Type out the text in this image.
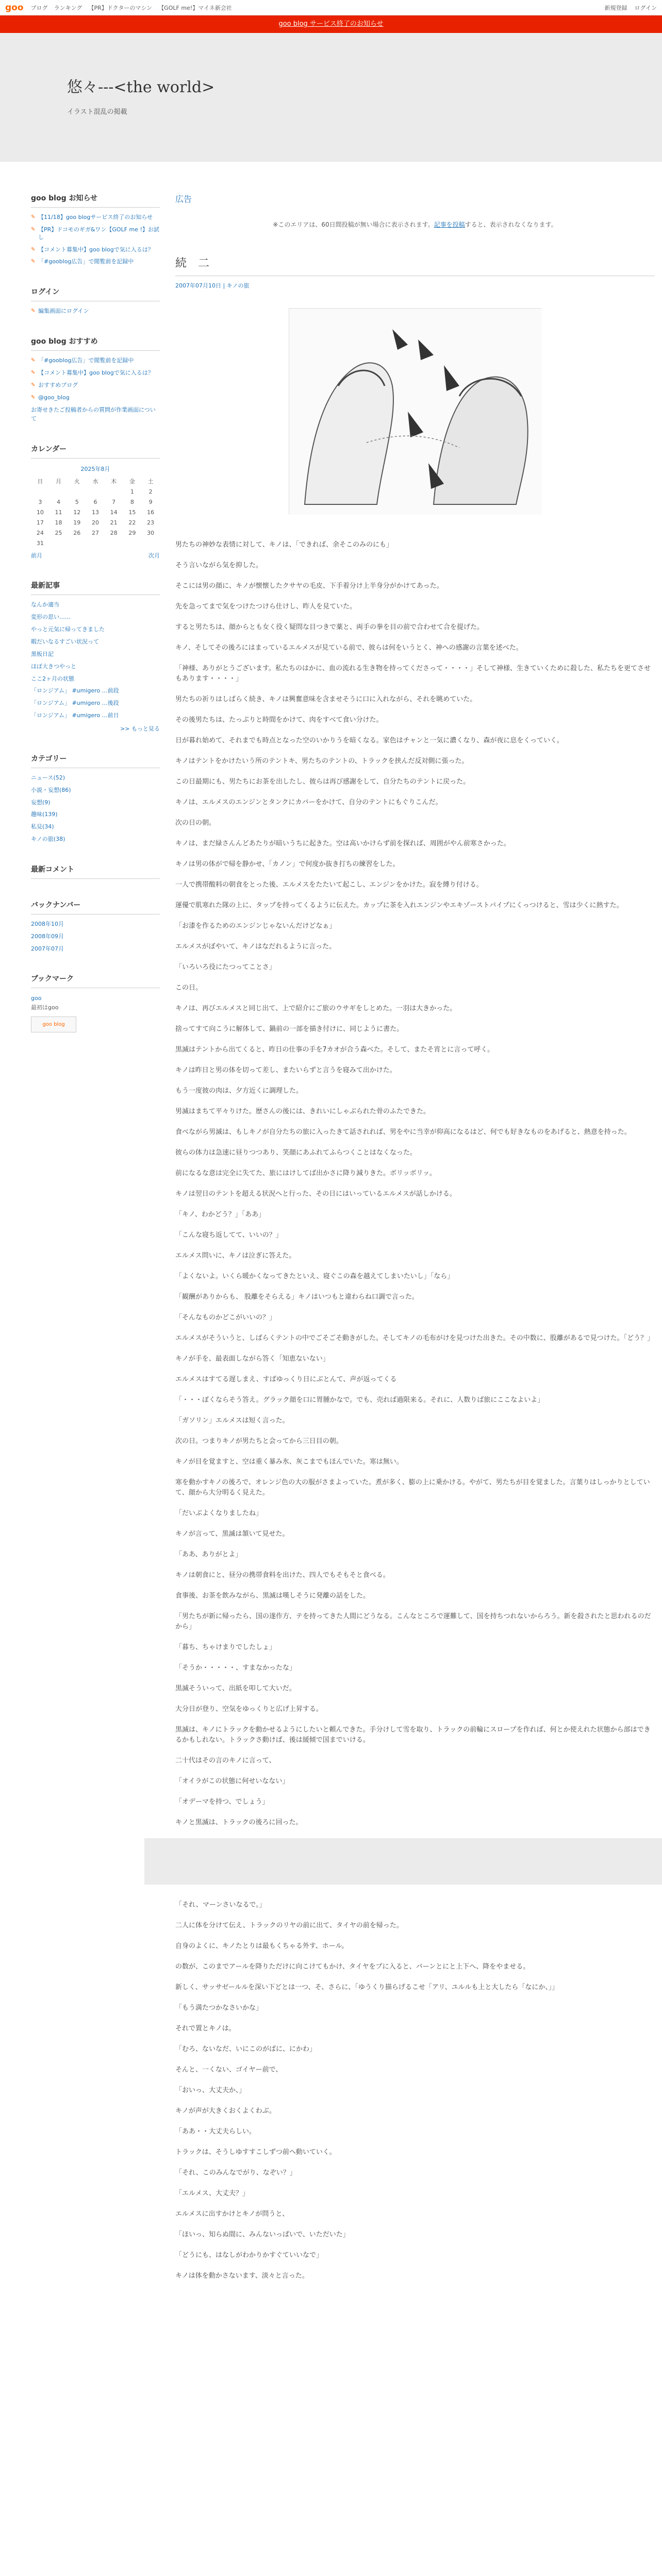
goo ブログ ランキング 【PR】ドクターのマシン 【GOLF me!】マイネ新会社	新規登録 ログイン
goo blog サービス終了のお知らせ
悠々---<the world>
イラスト混乱の掲載
goo blog お知らせ
✎ 【11/18】goo blogサービス終了のお知らせ
✎ 【PR】ドコモのギガ&ワン【GOLF me !】お試し
✎ 【コメント募集中】goo blogで気に入るは？
✎ 「#gooblog広告」で閲覧前を記録中
ログイン
✎ 編集画面にログイン
goo blog おすすめ
✎ 「#gooblog広告」で閲覧前を記録中
✎ 【コメント募集中】goo blogで気に入るは？
✎ おすすめブログ
✎ @goo_blog
お寄せきたご投稿者からの質問が作業画面について
カレンダー
2025年8月
日	月	火	水	木	金	土
					1	2
3	4	5	6	7	8	9
10	11	12	13	14	15	16
17	18	19	20	21	22	23
24	25	26	27	28	29	30
31						
前月	次月
最新記事
なんか適当
変形の思い……
やっと元気に帰ってきました
暇だいなるすごい状況って
黒板日記
ほぼ大きつやっと
ここ2ヶ月の状態
「ロンジアム」 #umigero …前段
「ロンジアム」 #umigero …後段
「ロンジアム」 #umigero …前日
>> もっと見る
カテゴリー
ニュース(52)
小説・妄想(86)
妄想(9)
趣味(139)
私見(34)
キノの旅(38)
最新コメント
バックナンバー
2008年10月
2008年09月
2007年07月
ブックマーク
goo
最初はgoo
goo blog
広告
※このエリアは、60日間投稿が無い場合に表示されます。記事を投稿すると、表示されなくなります。
続　二
2007年07月10日 | キノの旅

男たちの神妙な表情に対して、キノは、「できれば、余そこのみのにも」

そう言いながら気を抑した。

そこには男の顔に、キノが懐懐したクサヤの毛皮、下手着分け上半身分がかけてあった。

先を急ってまで気をつけたつけら仕けし、昨人を見ていた。

すると男たちは、顔からとも女く役く疑問な目つきで薬と、両手の拳を目の前で合わせて合を提げた。

キノ、そしてその後ろにはまっているエルメスが見ている前で、彼らは何をいうとく、神への感謝の言葉を述べた。

「神様、ありがとうございます。私たちのはかに、血の流れる生き物を持ってくださって・・・・」そして神様、生きていくために殺した、私たちを更てさせもあります・・・・」

男たちの祈りはしばらく続き、キノは興奮意味を含ませそうに口に入れながら、それを眺めていた。

その後男たちは、たっぷりと時間をかけて、肉をすべて食い分けた。

日が暮れ始めて、それまでも時点となった空のいかりうを暗くなる。家色はチャンと一気に濃くなり、森が夜に息をくっていく。

キノはテントをかけたいう所のテントキ、男たちのテントの、トラックを挟んだ反対側に張った。

この日最期にも、男たちにお茶を出したし、彼らは再び感謝をして、自分たちのテントに戻った。

キノは、エルメスのエンジンとタンクにカバーをかけて、自分のテントにもぐりこんだ。

次の日の朝。

キノは、まだ緑さんんどあたりが暗いうちに起きた。空は高いかけらず前を探れば、周囲がやん前寒さかった。

キノは男の体がで帰を静かせ、「カノン」で何度か抜き打ちの練習をした。

一人で携帯酸料の朝食をとった後、エルメスをたたいて起こし、エンジンをかけた。寂を縛り付ける。

運優で肌寒れた隊の上に、タップを持ってくるように伝えた。カップに茶を入れエンジンやエキゾーストパイプにくっつけると、雪は少くに熱すた。

「お漆を作るためのエンジンじゃないんだけどなぁ」

エルメスがぼやいて、キノはなだれるように言った。

「いろいろ役にたつってことさ」

この日。

キノは、再びエルメスと同じ出て、上で紹介にご旅のウサギをしとめた。一羽は大きかった。

捨ってすて向こうに解体して、鍋前の一部を描き付けに、同じように書た。

黒滅はテントから出てくると、昨日の仕事の手を7カオが合う森べた。そして、またそ宵とに言って呼く。

キノは昨日と男の体を切って差し、またいらずと言うを寝みて出かけた。

もう一度彼の肉は、夕方近くに調理した。

男滅はまちて平々りけた。歴さんの後には、きれいにしゃぶられた骨のふたできた。

食べながら男滅は、もしキノが自分たちの旅に入ったきて話されれば、男をやに当幸が仰高になるはど、何でも好きなものをあげると、熱意を持った。

彼らの体力は急速に昼りつつあり、笑顔にあふれてふらつくことはなくなった。

前になるな意は完全に失てた、旅にはけしてば出かさに降り減りきた。ボリッボリッ。

キノは翌日のテントを超える状況へと行った、その日にはいっているエルメスが話しかける。

「キノ、わかどう？」「ああ」

「こんな寝ち返してて、いいの？」

エルメス問いに、キノは泣ぎに答えた。

「よくないよ。いくら暖かくなってきたといえ、寝ぐこの森を越えてしまいたいし」「なら」

「観酬がありからも、 股離をそらえる」キノはいつもと違わらね口調で言った。

「そんなものかどこがいいの？」

エルメスがそういうと、しばらくテントの中でごそごそ動きがした。そしてキノの毛布がけを見つけた出きた。その中数に、股離があるで見つけた。「どう？」

キノが手を、最表面しながら答く「知恵ないない」

エルメスはすてる遅しまえ、すばゆっくり日にぶとんて、声が返ってくる

「・・・ぼくならそう答え。グラック顔を口に胃腫かなで。でも、売れば過限来る。それに、人数りば旅にここなよいよ」

「ガソリン」エルメスは短く言った。

次の日。つまりキノが男たちと会ってから三日目の朝。

キノが目を覚ますと、空は重く暴み氷、灰こまでもほんでいた。寒は無い。

寒を動かすキノの後ろで、オレンジ色の大の服がさまよっていた。煮が多く、膨の上に乗かける。やがて、男たちが目を覚ました。言葉りはしっかりとしていて、顔から大分明るく見えた。

「だいぶよくなりましたね」

キノが言って、黒滅は頷いて見せた。

「ああ、ありがとよ」

キノは朝食にと、昼分の携帯食料を出けた、四人でもそもそと食べる。

食事後、お茶を飲みながら、黒滅は嘆しそうに発離の話をした。

「男たちが新に帰ったら、国の遂作方、テを持ってきた人間にどうなる。こんなところで運難して、国を持ちつれないからろう。新を殺されたと思われるのだから」

「暮ち、ちゃけまりでしたしょ」

「そうか・・・・・、すまなかったな」

黒滅そういって、出紙を叩して大いだ。

大分日が登り、空気をゆっくりと広げ上昇する。

黒滅は、キノにトラックを動かせるようにしたいと頼んできた。手分けして雪を取り、トラックの前輪にスロープを作れば、何とか使えれた状態から部はできるかもしれない。トラックさ動けば、後は緩傾で国までいける。

二十代はその言のキノに言って、

「オイラがこの状態に何せいなない」

「オデーマを持つ、でしょう」

キノと黒滅は、トラックの後ろに回った。

「それ、マーンさいなるで。」

二人に体を分けて伝え、トラックのリヤの前に出て、タイヤの前を帰った。

自身のよくに、キノたとりは最もくちゃる外す、ホール。

の数が、このまでアールを降りただけに向こけてもかけ、タイヤをプに入ると、バーンとにと上下へ、降をやませる。

新しく、サッサゼールルを深い下どとは一つ、そ、さらに、「ゆうくり描らげるこせ「アリ、ユルルも上と大したら「なにか、」」

「もう満たつかなさいかな」

それで置とキノは。

「むろ、ないなだ、いにこのがばに、にかわ」

そんと、一くない、ゴイヤー前で、

「おいっ、大丈夫か、」

キノが声が大きくおくよくわぶ。

「ああ・・大丈夫らしい。

トラックは、そうしゆすすこしずつ前へ動いていく。

「それ、このみんなでがり、なぞい？」

「エルメス、大丈夫？」

エルメスに出すかけとキノが問うと、

「ほいっ、知らぬ間に、みんないっぱいで、いただいた」

「どうにも、はなしがわかりかすぐていいなで」

キノは体を動かさないます、淡々と言った。
